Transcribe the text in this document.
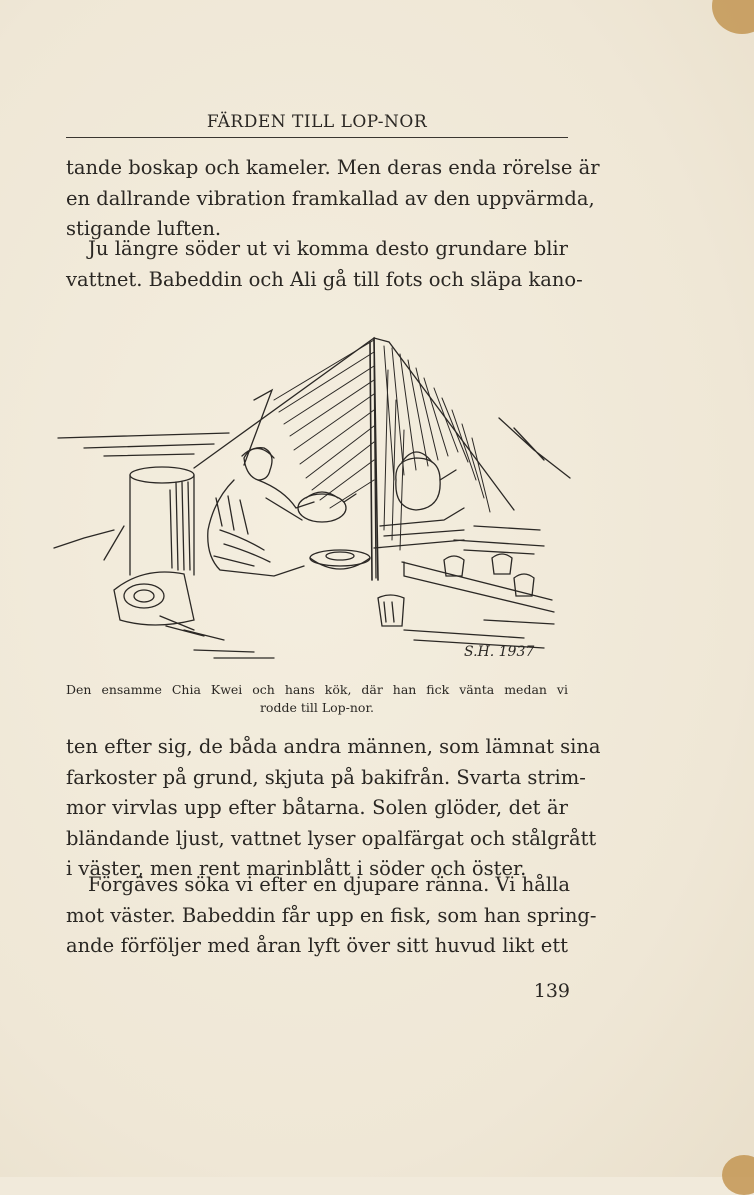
FÄRDEN TILL LOP-NOR

tande boskap och kameler. Men deras enda rörelse är
en dallrande vibration framkallad av den uppvärmda,
stigande luften.

Ju längre söder ut vi komma desto grundare blir
vattnet. Babeddin och Ali gå till fots och släpa kano-

S.H. 1937
Den ensamme Chia Kwei och hans kök, där han fick vänta medan vi
rodde till Lop-nor.

ten efter sig, de båda andra männen, som lämnat sina
farkoster på grund, skjuta på bakifrån. Svarta strim-
mor virvlas upp efter båtarna. Solen glöder, det är
bländande ljust, vattnet lyser opalfärgat och stålgrått
i väster, men rent marinblått i söder och öster.

Förgäves söka vi efter en djupare ränna. Vi hålla
mot väster. Babeddin får upp en fisk, som han spring-
ande förföljer med åran lyft över sitt huvud likt ett

139
